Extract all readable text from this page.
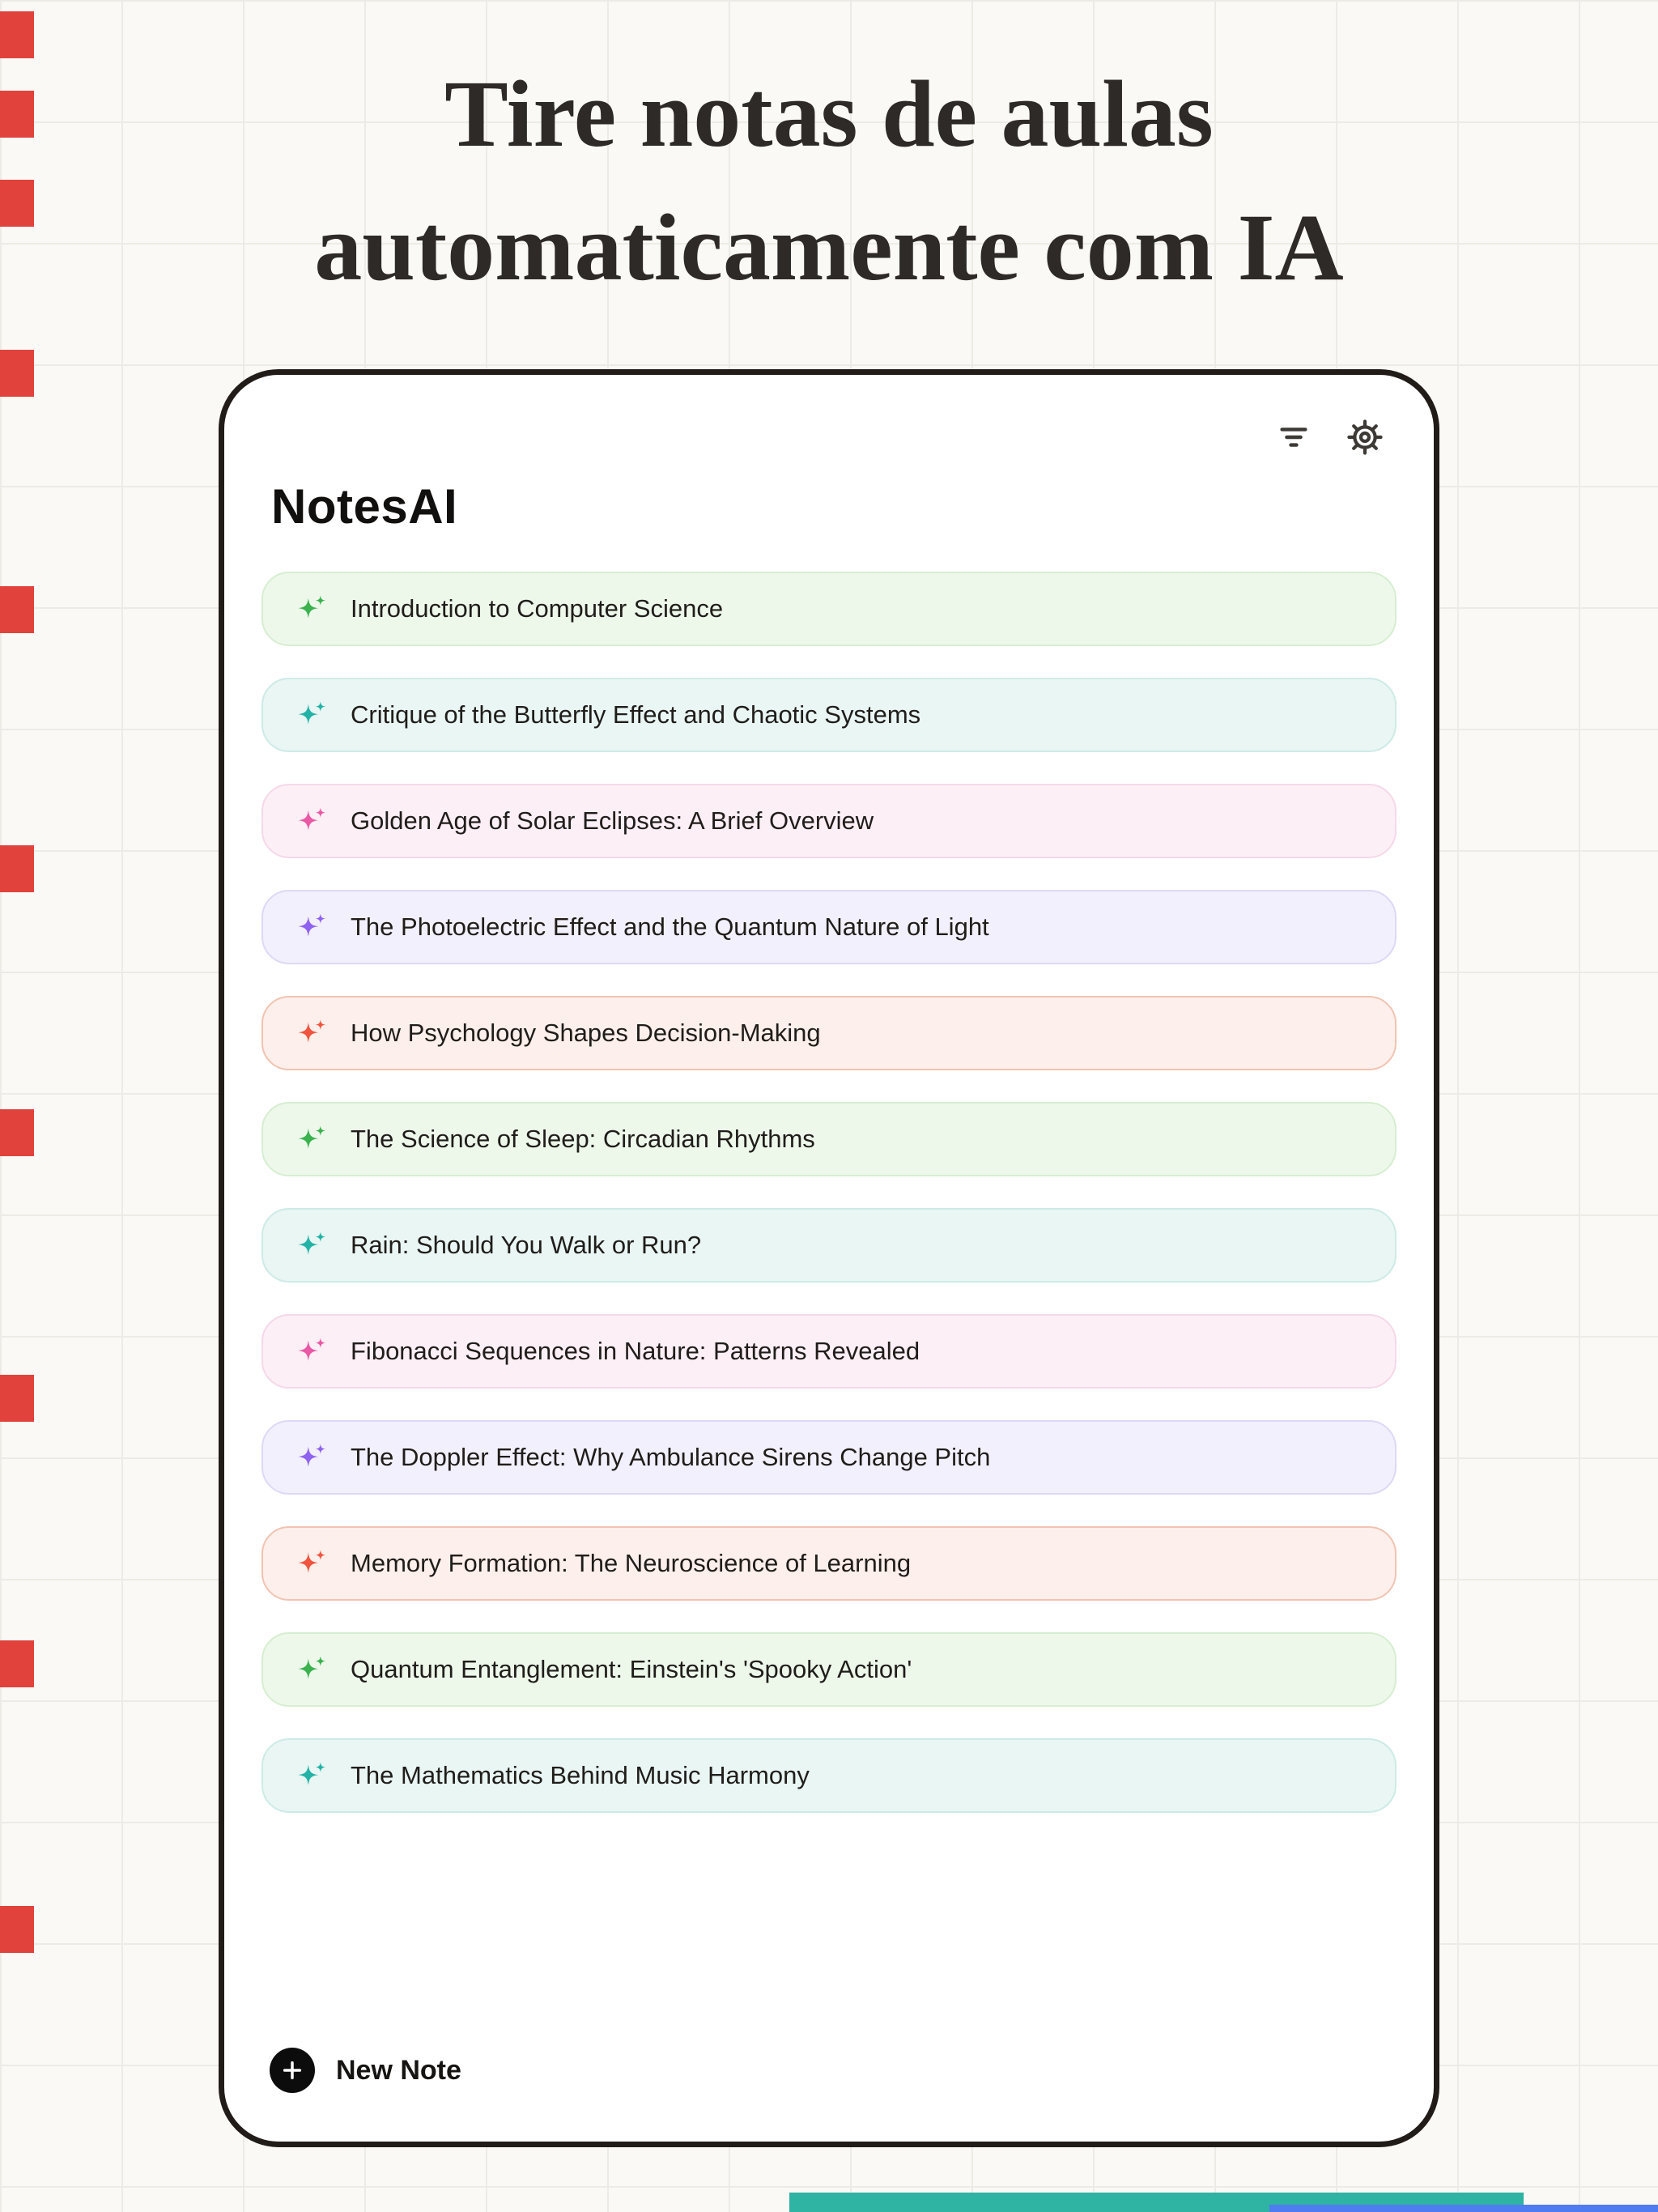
Tire notas de aulas
automaticamente com IA
NotesAI
Introduction to Computer Science
Critique of the Butterfly Effect and Chaotic Systems
Golden Age of Solar Eclipses: A Brief Overview
The Photoelectric Effect and the Quantum Nature of Light
How Psychology Shapes Decision-Making
The Science of Sleep: Circadian Rhythms
Rain: Should You Walk or Run?
Fibonacci Sequences in Nature: Patterns Revealed
The Doppler Effect: Why Ambulance Sirens Change Pitch
Memory Formation: The Neuroscience of Learning
Quantum Entanglement: Einstein's 'Spooky Action'
The Mathematics Behind Music Harmony
New Note
